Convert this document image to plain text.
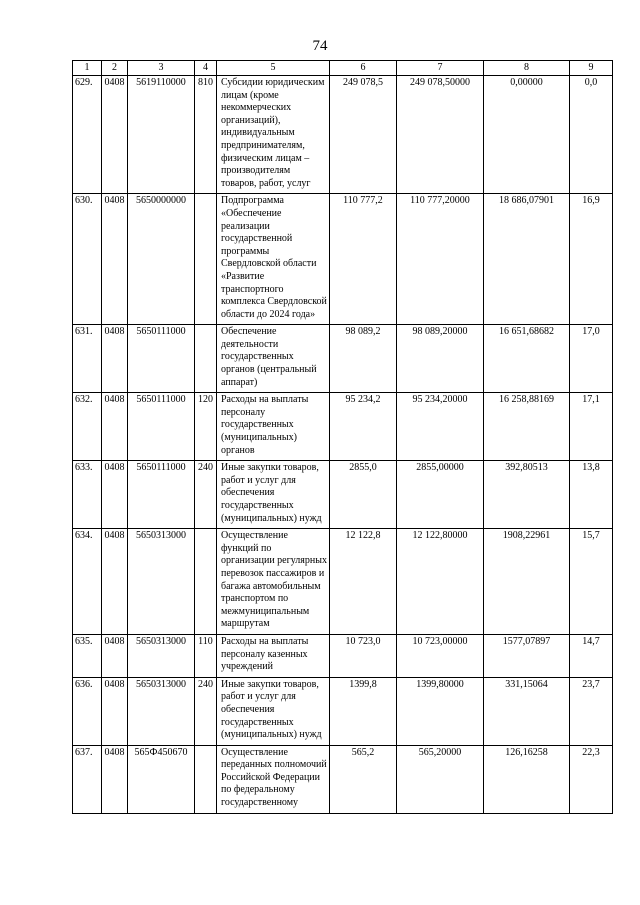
74
1	2	3	4	5	6	7	8	9
629.	0408	5619110000	810	Субсидии юридическим лицам (кроме некоммерческих организаций), индивидуальным предпринимателям, физическим лицам – производителям товаров, работ, услуг	249 078,5	249 078,50000	0,00000	0,0
630.	0408	5650000000		Подпрограмма «Обеспечение реализации государственной программы Свердловской области «Развитие транспортного комплекса Свердловской области до 2024 года»	110 777,2	110 777,20000	18 686,07901	16,9
631.	0408	5650111000		Обеспечение деятельности государственных органов (центральный аппарат)	98 089,2	98 089,20000	16 651,68682	17,0
632.	0408	5650111000	120	Расходы на выплаты персоналу государственных (муниципальных) органов	95 234,2	95 234,20000	16 258,88169	17,1
633.	0408	5650111000	240	Иные закупки товаров, работ и услуг для обеспечения государственных (муниципальных) нужд	2855,0	2855,00000	392,80513	13,8
634.	0408	5650313000		Осуществление функций по организации регулярных перевозок пассажиров и багажа автомобильным транспортом по межмуниципальным маршрутам	12 122,8	12 122,80000	1908,22961	15,7
635.	0408	5650313000	110	Расходы на выплаты персоналу казенных учреждений	10 723,0	10 723,00000	1577,07897	14,7
636.	0408	5650313000	240	Иные закупки товаров, работ и услуг для обеспечения государственных (муниципальных) нужд	1399,8	1399,80000	331,15064	23,7
637.	0408	565Ф450670		Осуществление переданных полномочий Российской Федерации по федеральному государственному	565,2	565,20000	126,16258	22,3
